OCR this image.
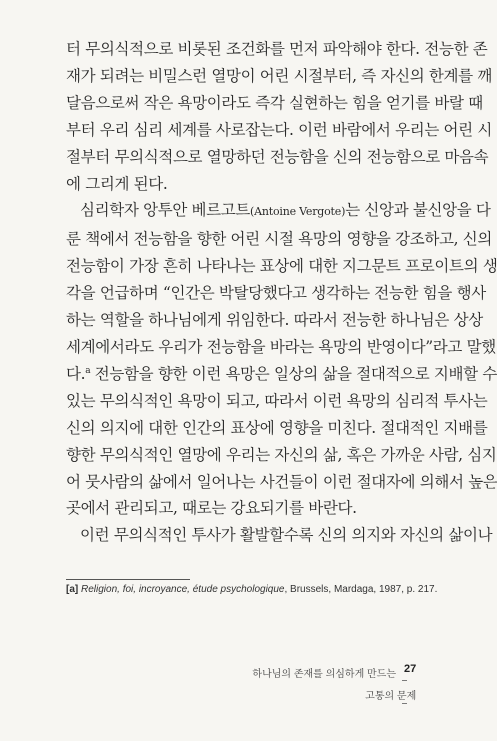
터 무의식적으로 비롯된 조건화를 먼저 파악해야 한다. 전능한 존
재가 되려는 비밀스런 열망이 어린 시절부터, 즉 자신의 한계를 깨
달음으로써 작은 욕망이라도 즉각 실현하는 힘을 얻기를 바랄 때
부터 우리 심리 세계를 사로잡는다. 이런 바람에서 우리는 어린 시
절부터 무의식적으로 열망하던 전능함을 신의 전능함으로 마음속
에 그리게 된다.

심리학자 앙투안 베르고트(Antoine Vergote)는 신앙과 불신앙을 다
룬 책에서 전능함을 향한 어린 시절 욕망의 영향을 강조하고, 신의
전능함이 가장 흔히 나타나는 표상에 대한 지그문트 프로이트의 생
각을 언급하며 “인간은 박탈당했다고 생각하는 전능한 힘을 행사
하는 역할을 하나님에게 위임한다. 따라서 전능한 하나님은 상상
세계에서라도 우리가 전능함을 바라는 욕망의 반영이다”라고 말했
다.$^a$ 전능함을 향한 이런 욕망은 일상의 삶을 절대적으로 지배할 수
있는 무의식적인 욕망이 되고, 따라서 이런 욕망의 심리적 투사는
신의 의지에 대한 인간의 표상에 영향을 미친다. 절대적인 지배를
향한 무의식적인 열망에 우리는 자신의 삶, 혹은 가까운 사람, 심지
어 뭇사람의 삶에서 일어나는 사건들이 이런 절대자에 의해서 높은
곳에서 관리되고, 때로는 강요되기를 바란다.

이런 무의식적인 투사가 활발할수록 신의 의지와 자신의 삶이나

[a] Religion, foi, incroyance, étude psychologique, Brussels, Mardaga, 1987, p. 217.
하나님의 존재를 의심하게 만드는 27
고통의 문제
